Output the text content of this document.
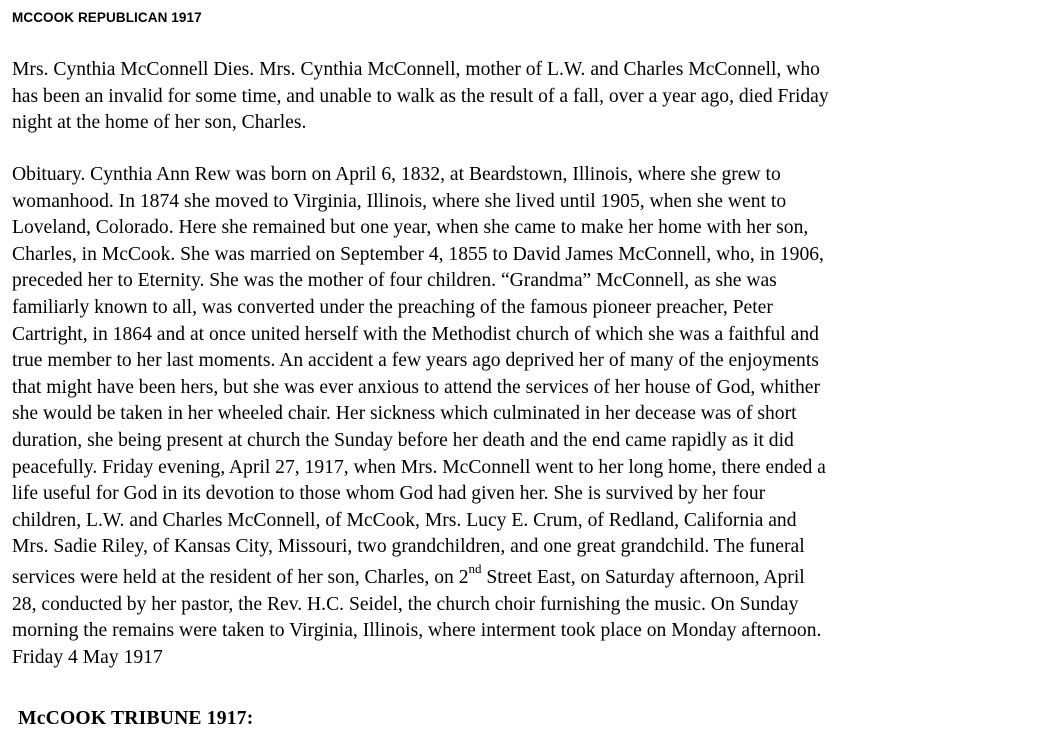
MCCOOK REPUBLICAN 1917
Mrs. Cynthia McConnell Dies. Mrs. Cynthia McConnell, mother of L.W. and Charles McConnell, who
has been an invalid for some time, and unable to walk as the result of a fall, over a year ago, died Friday
night at the home of her son, Charles.
Obituary. Cynthia Ann Rew was born on April 6, 1832, at Beardstown, Illinois, where she grew to
womanhood. In 1874 she moved to Virginia, Illinois, where she lived until 1905, when she went to
Loveland, Colorado. Here she remained but one year, when she came to make her home with her son,
Charles, in McCook. She was married on September 4, 1855 to David James McConnell, who, in 1906,
preceded her to Eternity. She was the mother of four children. “Grandma” McConnell, as she was
familiarly known to all, was converted under the preaching of the famous pioneer preacher, Peter
Cartright, in 1864 and at once united herself with the Methodist church of which she was a faithful and
true member to her last moments. An accident a few years ago deprived her of many of the enjoyments
that might have been hers, but she was ever anxious to attend the services of her house of God, whither
she would be taken in her wheeled chair. Her sickness which culminated in her decease was of short
duration, she being present at church the Sunday before her death and the end came rapidly as it did
peacefully. Friday evening, April 27, 1917, when Mrs. McConnell went to her long home, there ended a
life useful for God in its devotion to those whom God had given her. She is survived by her four
children, L.W. and Charles McConnell, of McCook, Mrs. Lucy E. Crum, of Redland, California and
Mrs. Sadie Riley, of Kansas City, Missouri, two grandchildren, and one great grandchild. The funeral
services were held at the resident of her son, Charles, on 2nd Street East, on Saturday afternoon, April
28, conducted by her pastor, the Rev. H.C. Seidel, the church choir furnishing the music. On Sunday
morning the remains were taken to Virginia, Illinois, where interment took place on Monday afternoon.
Friday 4 May 1917
McCOOK TRIBUNE 1917:
